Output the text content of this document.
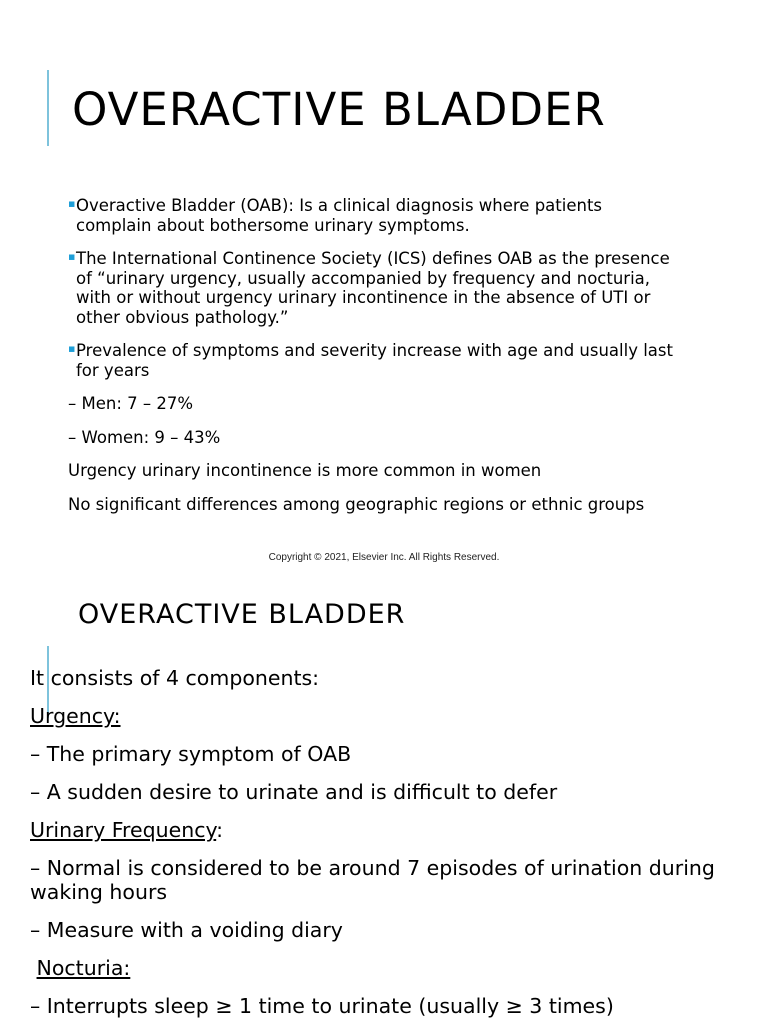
OVERACTIVE BLADDER
▪ Overactive Bladder (OAB): Is a clinical diagnosis where patients complain about bothersome urinary symptoms.
▪ The International Continence Society (ICS) defines OAB as the presence of “urinary urgency, usually accompanied by frequency and nocturia, with or without urgency urinary incontinence in the absence of UTI or other obvious pathology.”
▪ Prevalence of symptoms and severity increase with age and usually last for years
– Men: 7 – 27%
– Women: 9 – 43%
Urgency urinary incontinence is more common in women
No significant differences among geographic regions or ethnic groups
Copyright © 2021, Elsevier Inc. All Rights Reserved.
OVERACTIVE BLADDER
It consists of 4 components:
Urgency:
– The primary symptom of OAB
– A sudden desire to urinate and is difficult to defer
Urinary Frequency:
– Normal is considered to be around 7 episodes of urination during waking hours
– Measure with a voiding diary
Nocturia:
– Interrupts sleep ≥ 1 time to urinate (usually ≥ 3 times)
